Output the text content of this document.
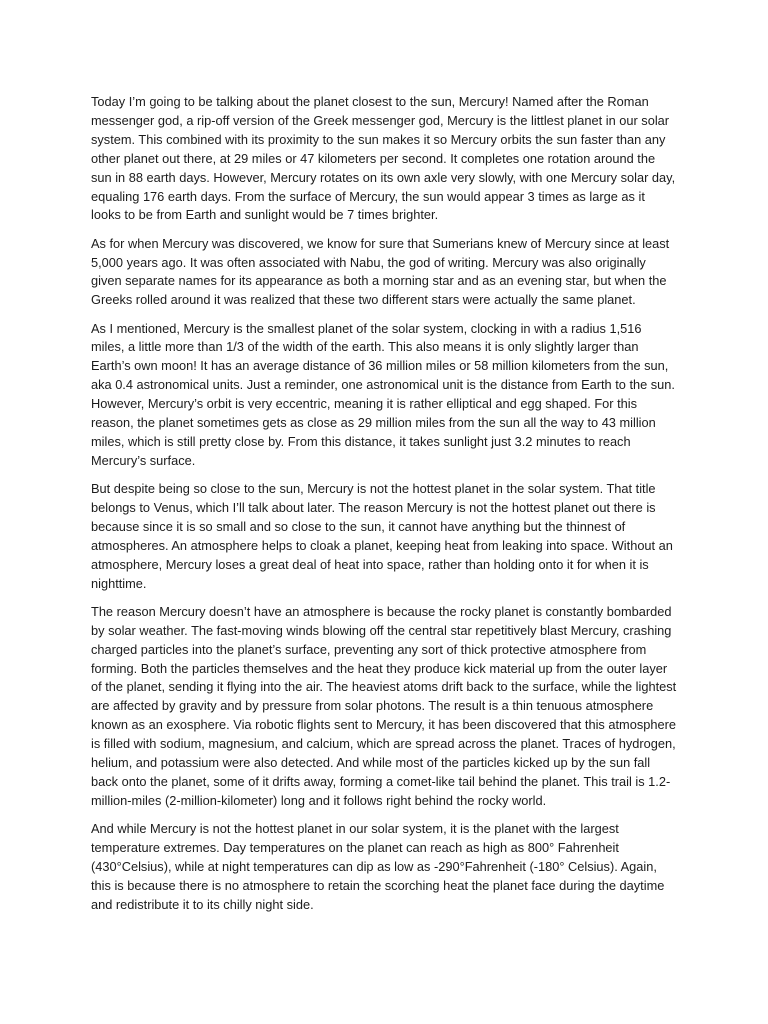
Today I’m going to be talking about the planet closest to the sun, Mercury! Named after the Roman messenger god, a rip-off version of the Greek messenger god, Mercury is the littlest planet in our solar system. This combined with its proximity to the sun makes it so Mercury orbits the sun faster than any other planet out there, at 29 miles or 47 kilometers per second. It completes one rotation around the sun in 88 earth days. However, Mercury rotates on its own axle very slowly, with one Mercury solar day, equaling 176 earth days. From the surface of Mercury, the sun would appear 3 times as large as it looks to be from Earth and sunlight would be 7 times brighter.

As for when Mercury was discovered, we know for sure that Sumerians knew of Mercury since at least 5,000 years ago. It was often associated with Nabu, the god of writing. Mercury was also originally given separate names for its appearance as both a morning star and as an evening star, but when the Greeks rolled around it was realized that these two different stars were actually the same planet.

As I mentioned, Mercury is the smallest planet of the solar system, clocking in with a radius 1,516 miles, a little more than 1/3 of the width of the earth. This also means it is only slightly larger than Earth’s own moon! It has an average distance of 36 million miles or 58 million kilometers from the sun, aka 0.4 astronomical units. Just a reminder, one astronomical unit is the distance from Earth to the sun. However, Mercury’s orbit is very eccentric, meaning it is rather elliptical and egg shaped. For this reason, the planet sometimes gets as close as 29 million miles from the sun all the way to 43 million miles, which is still pretty close by. From this distance, it takes sunlight just 3.2 minutes to reach Mercury’s surface.

But despite being so close to the sun, Mercury is not the hottest planet in the solar system. That title belongs to Venus, which I’ll talk about later. The reason Mercury is not the hottest planet out there is because since it is so small and so close to the sun, it cannot have anything but the thinnest of atmospheres. An atmosphere helps to cloak a planet, keeping heat from leaking into space. Without an atmosphere, Mercury loses a great deal of heat into space, rather than holding onto it for when it is nighttime.

The reason Mercury doesn’t have an atmosphere is because the rocky planet is constantly bombarded by solar weather. The fast-moving winds blowing off the central star repetitively blast Mercury, crashing charged particles into the planet’s surface, preventing any sort of thick protective atmosphere from forming. Both the particles themselves and the heat they produce kick material up from the outer layer of the planet, sending it flying into the air. The heaviest atoms drift back to the surface, while the lightest are affected by gravity and by pressure from solar photons. The result is a thin tenuous atmosphere known as an exosphere. Via robotic flights sent to Mercury, it has been discovered that this atmosphere is filled with sodium, magnesium, and calcium, which are spread across the planet. Traces of hydrogen, helium, and potassium were also detected. And while most of the particles kicked up by the sun fall back onto the planet, some of it drifts away, forming a comet-like tail behind the planet. This trail is 1.2-million-miles (2-million-kilometer) long and it follows right behind the rocky world.

And while Mercury is not the hottest planet in our solar system, it is the planet with the largest temperature extremes. Day temperatures on the planet can reach as high as 800° Fahrenheit (430°Celsius), while at night temperatures can dip as low as -290°Fahrenheit (-180° Celsius). Again, this is because there is no atmosphere to retain the scorching heat the planet face during the daytime and redistribute it to its chilly night side.
